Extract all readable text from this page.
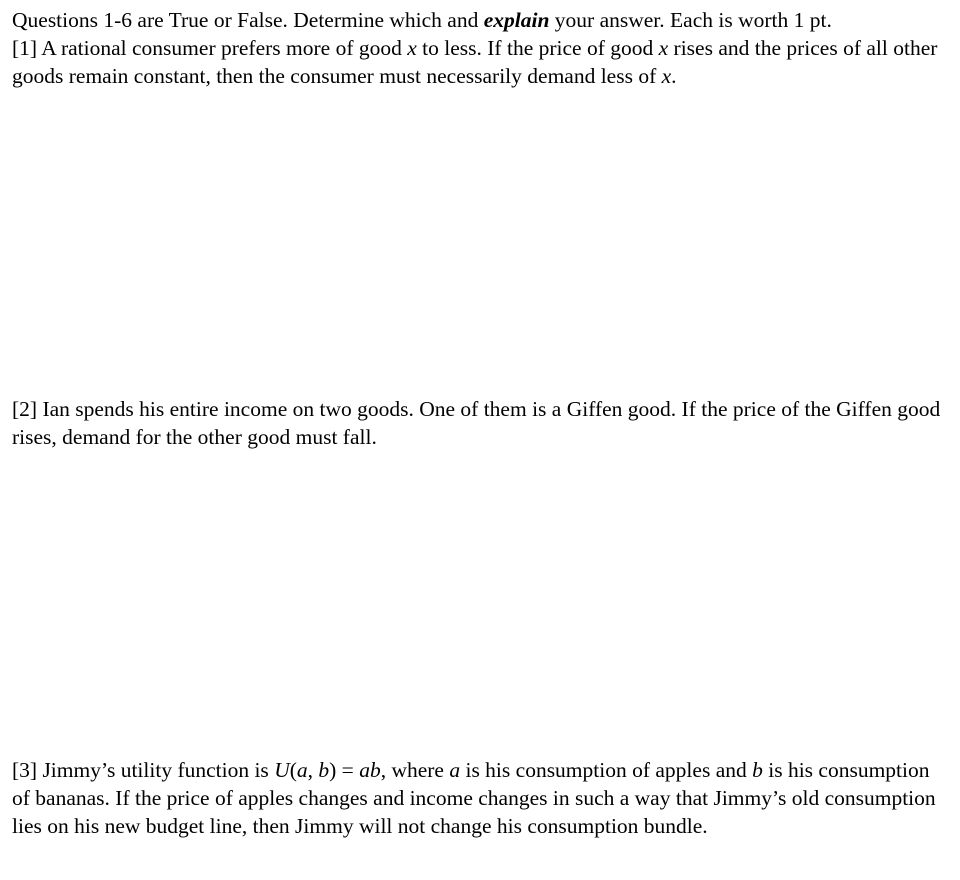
Questions 1-6 are True or False. Determine which and explain your answer. Each is worth 1 pt.

[1] A rational consumer prefers more of good x to less. If the price of good x rises and the prices of all other goods remain constant, then the consumer must necessarily demand less of x.

[2] Ian spends his entire income on two goods. One of them is a Giffen good. If the price of the Giffen good rises, demand for the other good must fall.

[3] Jimmy’s utility function is U(a, b) = ab, where a is his consumption of apples and b is his consumption of bananas. If the price of apples changes and income changes in such a way that Jimmy’s old consumption lies on his new budget line, then Jimmy will not change his consumption bundle.
